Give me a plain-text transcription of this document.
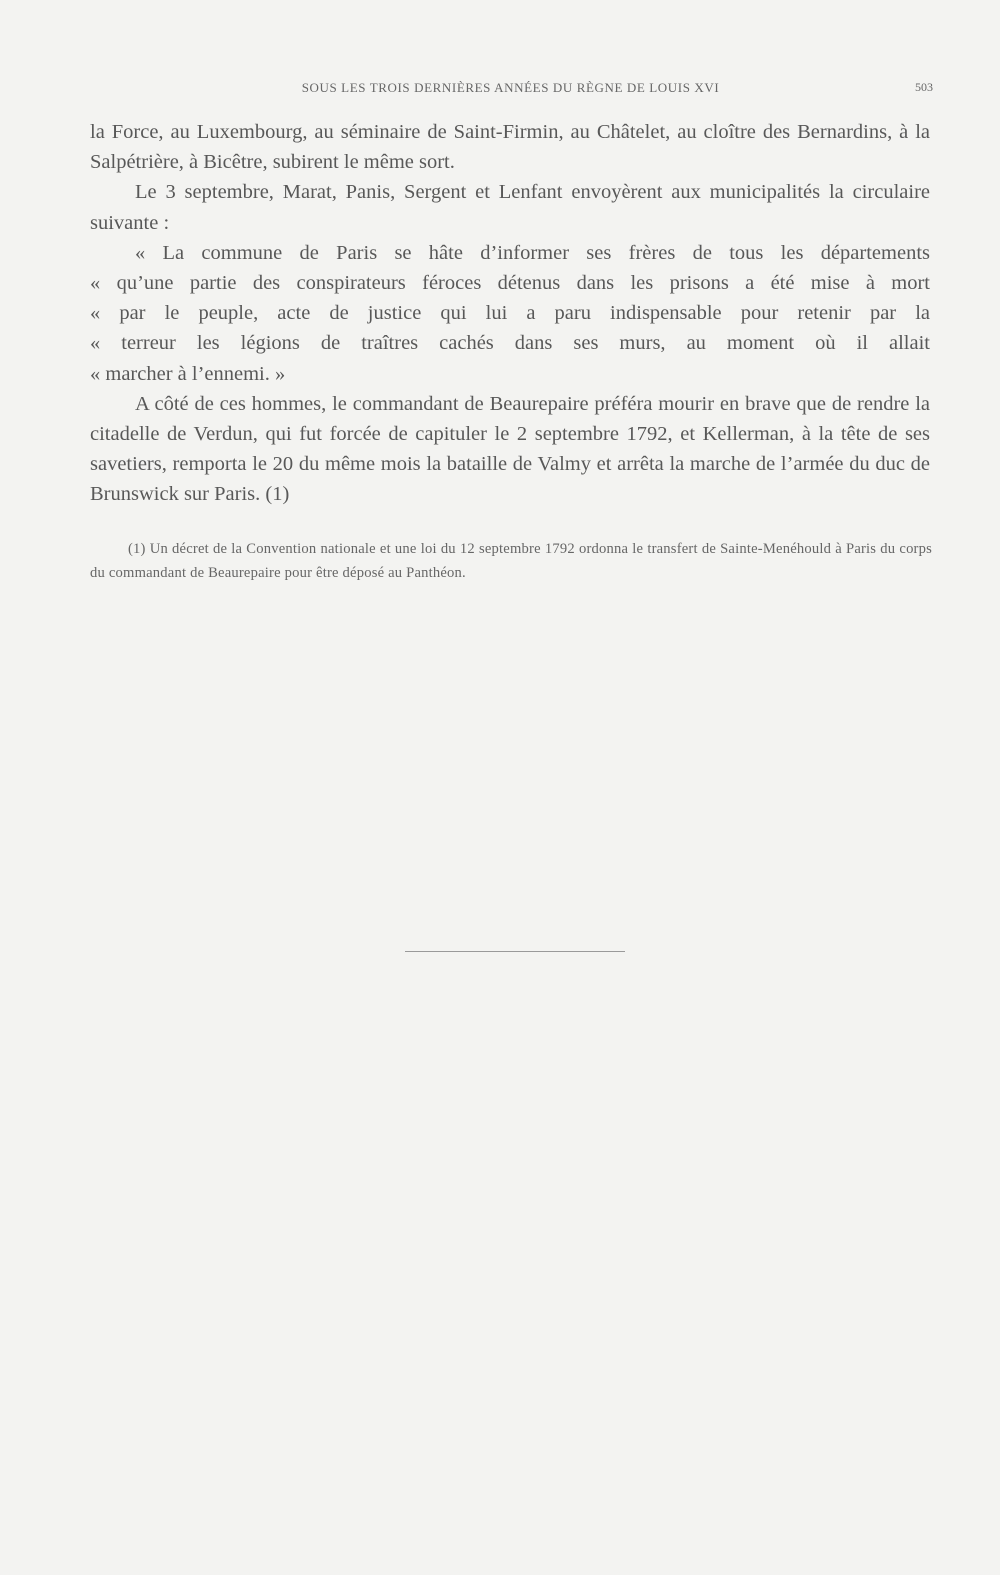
SOUS LES TROIS DERNIÈRES ANNÉES DU RÈGNE DE LOUIS XVI	503

la Force, au Luxembourg, au séminaire de Saint-Firmin, au Châtelet, au cloître des Bernardins, à la Salpétrière, à Bicêtre, subirent le même sort.

Le 3 septembre, Marat, Panis, Sergent et Lenfant envoyèrent aux municipalités la circulaire suivante :

« La commune de Paris se hâte d’informer ses frères de tous les départements

« qu’une partie des conspirateurs féroces détenus dans les prisons a été mise à mort

« par le peuple, acte de justice qui lui a paru indispensable pour retenir par la

« terreur les légions de traîtres cachés dans ses murs, au moment où il allait

« marcher à l’ennemi. »

A côté de ces hommes, le commandant de Beaurepaire préféra mourir en brave que de rendre la citadelle de Verdun, qui fut forcée de capituler le 2 septembre 1792, et Kellerman, à la tête de ses savetiers, remporta le 20 du même mois la bataille de Valmy et arrêta la marche de l’armée du duc de Brunswick sur Paris. (1)

(1) Un décret de la Convention nationale et une loi du 12 septembre 1792 ordonna le transfert de Sainte-Menéhould à Paris du corps du commandant de Beaurepaire pour être déposé au Panthéon.
